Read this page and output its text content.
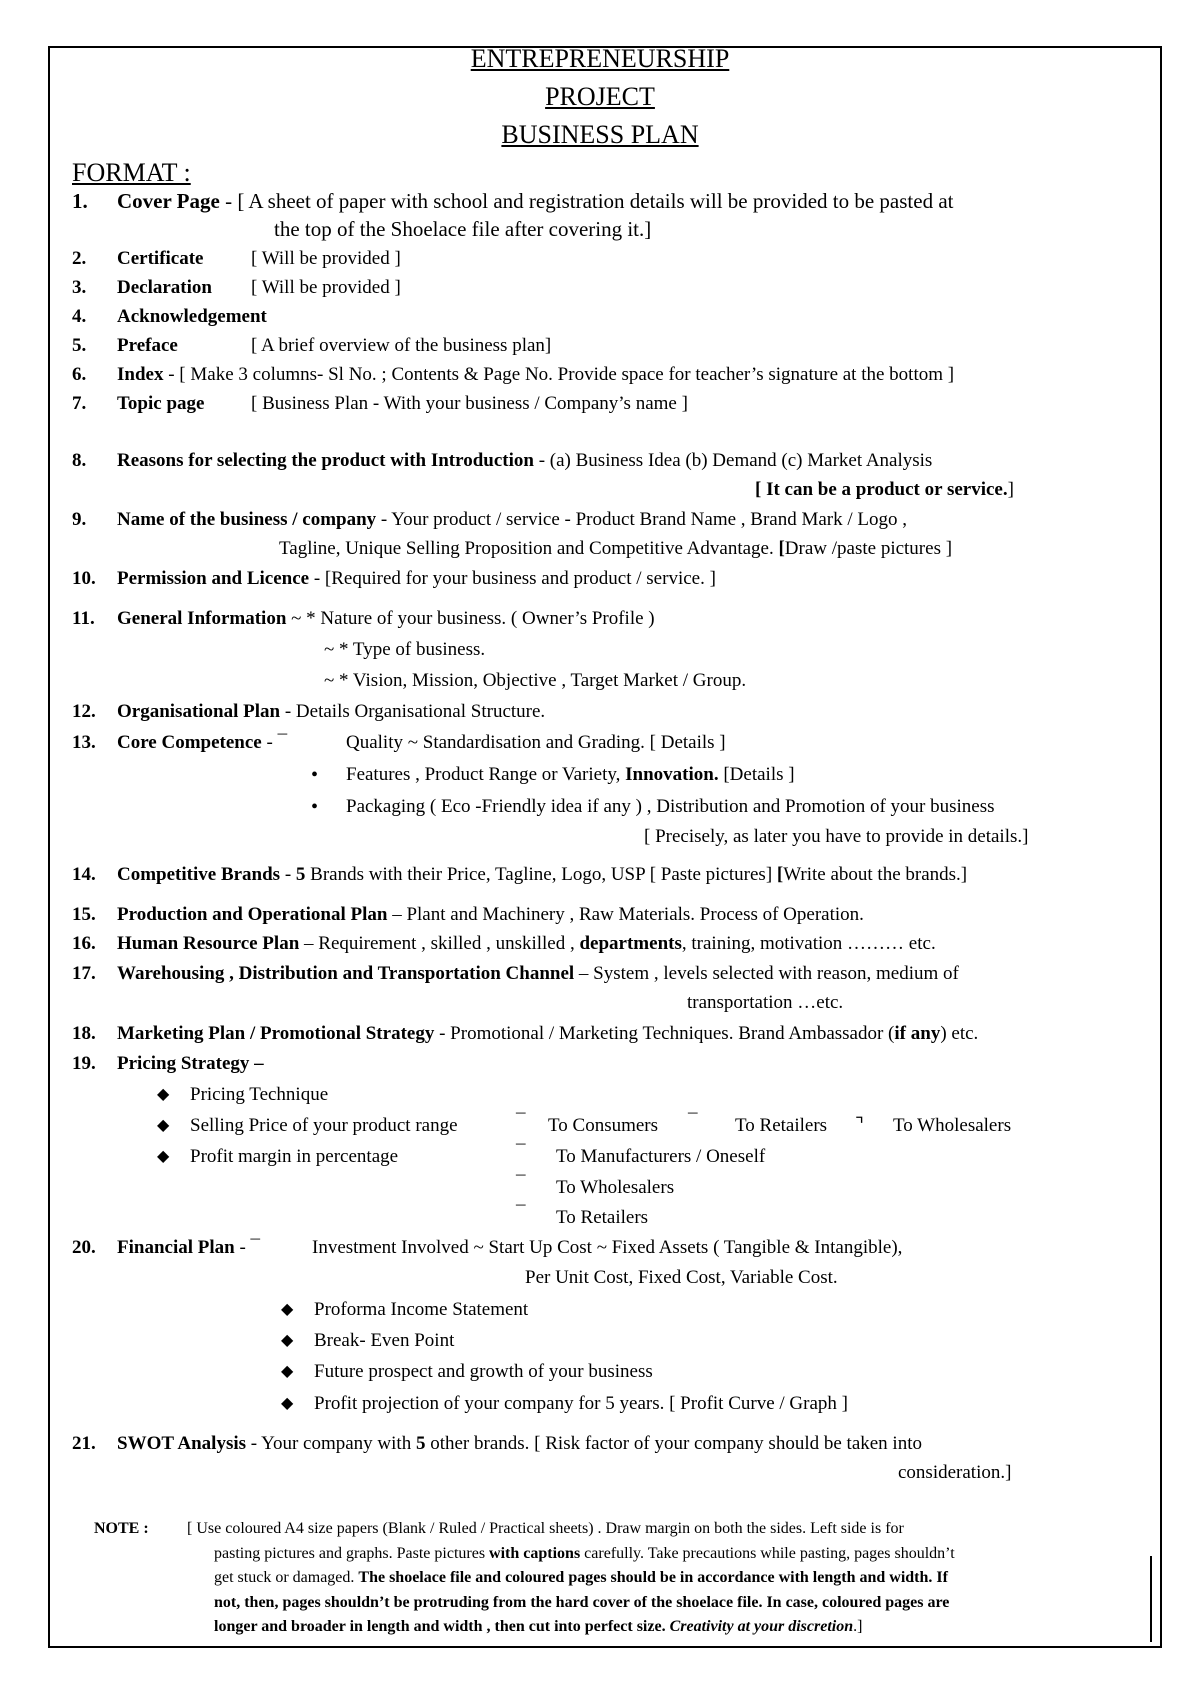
ENTREPRENEURSHIP
PROJECT
BUSINESS PLAN
FORMAT :
1. Cover Page - [ A sheet of paper with school and registration details will be provided to be pasted at
the top of the Shoelace file after covering it.]
2. Certificate	[ Will be provided ]
3. Declaration [ Will be provided ]
4. Acknowledgement
5. Preface	[ A brief overview of the business plan]
6. Index - [ Make 3 columns- Sl No. ; Contents & Page No. Provide space for teacher’s signature at the bottom ]
7. Topic page [ Business Plan - With your business / Company’s name ]
8. Reasons for selecting the product with Introduction - (a) Business Idea (b) Demand (c) Market Analysis
[ It can be a product or service.]
9. Name of the business / company - Your product / service - Product Brand Name , Brand Mark / Logo ,
Tagline, Unique Selling Proposition and Competitive Advantage. [Draw /paste pictures ]
10. Permission and Licence - [Required for your business and product / service. ]
11. General Information ~ * Nature of your business. ( Owner’s Profile )
~ * Type of business.
~ * Vision, Mission, Objective , Target Market / Group.
12. Organisational Plan - Details Organisational Structure.
13. Core Competence - ¯	Quality ~ Standardisation and Grading. [ Details ]
• Features , Product Range or Variety, Innovation. [Details ]
• Packaging ( Eco -Friendly idea if any ) , Distribution and Promotion of your business
[ Precisely, as later you have to provide in details.]
14. Competitive Brands - 5 Brands with their Price, Tagline, Logo, USP [ Paste pictures] [Write about the brands.]
15. Production and Operational Plan – Plant and Machinery , Raw Materials. Process of Operation.
16. Human Resource Plan – Requirement , skilled , unskilled , departments, training, motivation ……… etc.
17. Warehousing , Distribution and Transportation Channel – System , levels selected with reason, medium of
transportation …etc.
18. Marketing Plan / Promotional Strategy - Promotional / Marketing Techniques. Brand Ambassador (if any) etc.
19. Pricing Strategy –
◆ Pricing Technique
◆ Selling Price of your product range	¯ To Consumers ¯ To Retailers ⌝ To Wholesalers
◆ Profit margin in percentage	¯ To Manufacturers / Oneself
¯ To Wholesalers
¯ To Retailers
20. Financial Plan - ¯	Investment Involved ~ Start Up Cost ~ Fixed Assets ( Tangible & Intangible),
Per Unit Cost, Fixed Cost, Variable Cost.
◆ Proforma Income Statement
◆ Break- Even Point
◆ Future prospect and growth of your business
◆ Profit projection of your company for 5 years. [ Profit Curve / Graph ]
21. SWOT Analysis - Your company with 5 other brands. [ Risk factor of your company should be taken into
consideration.]
NOTE : [ Use coloured A4 size papers (Blank / Ruled / Practical sheets) . Draw margin on both the sides. Left side is for
pasting pictures and graphs. Paste pictures with captions carefully. Take precautions while pasting, pages shouldn’t
get stuck or damaged. The shoelace file and coloured pages should be in accordance with length and width. If
not, then, pages shouldn’t be protruding from the hard cover of the shoelace file. In case, coloured pages are
longer and broader in length and width , then cut into perfect size. Creativity at your discretion.]
